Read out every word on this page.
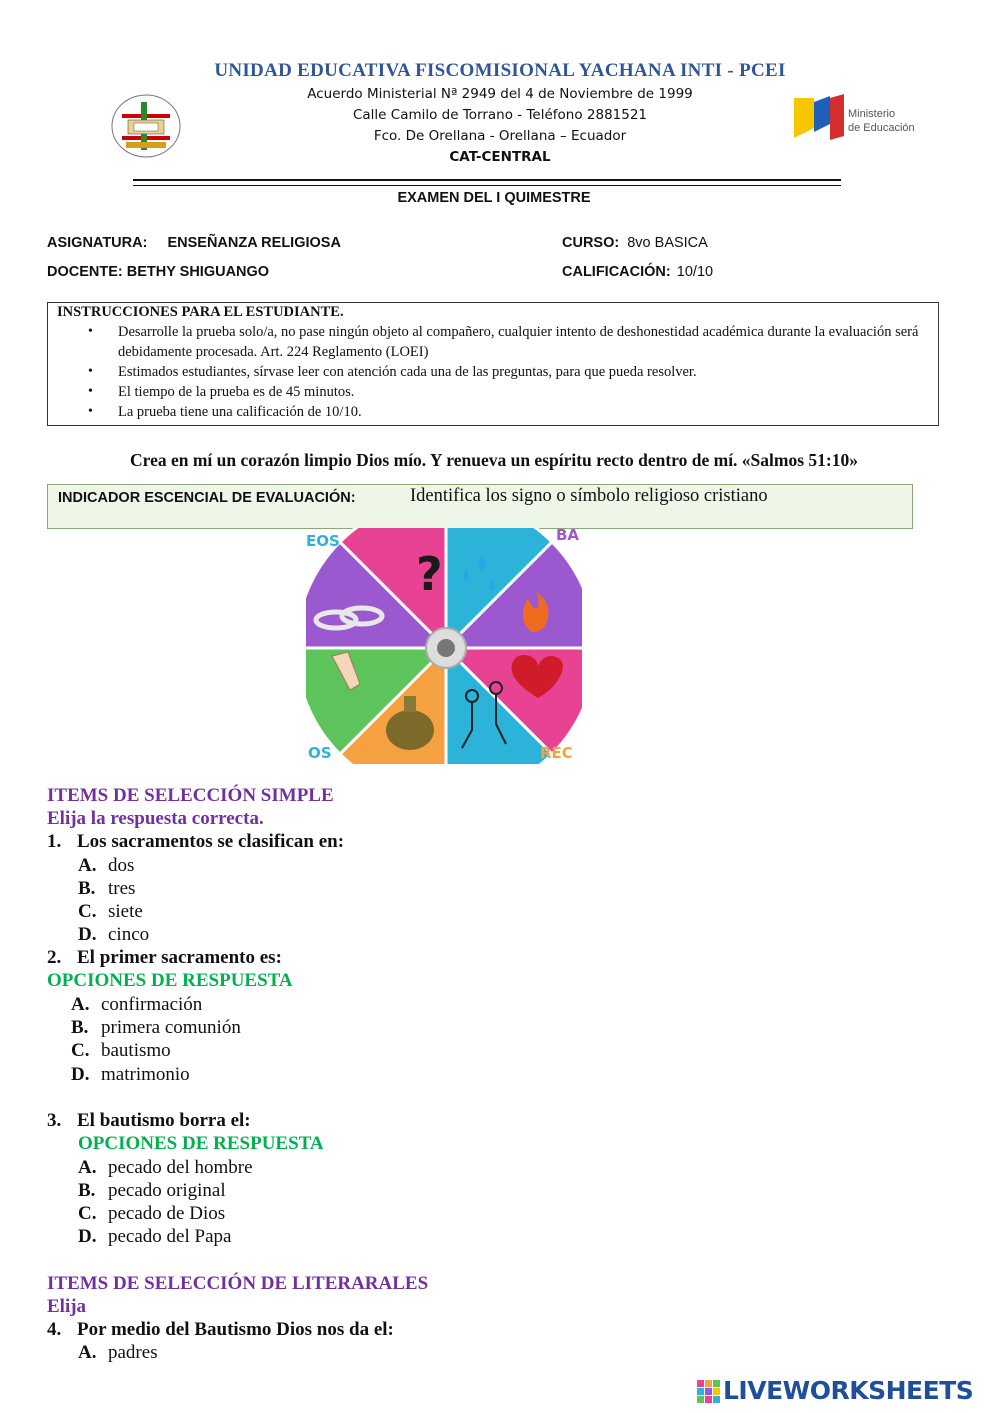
UNIDAD EDUCATIVA FISCOMISIONAL YACHANA INTI - PCEI
Acuerdo Ministerial Nª 2949 del 4 de Noviembre de 1999
Calle Camilo de Torrano - Teléfono 2881521
Fco. De Orellana - Orellana – Ecuador
CAT-CENTRAL
Ministerio
de Educación
EXAMEN DEL I QUIMESTRE
ASIGNATURA: ENSEÑANZA RELIGIOSA	CURSO: 8vo BASICA
DOCENTE: BETHY SHIGUANGO	CALIFICACIÓN: 10/10
INSTRUCCIONES PARA EL ESTUDIANTE.
• Desarrolle la prueba solo/a, no pase ningún objeto al compañero, cualquier intento de deshonestidad académica durante la evaluación será debidamente procesada. Art. 224 Reglamento (LOEI)
• Estimados estudiantes, sírvase leer con atención cada una de las preguntas, para que pueda resolver.
• El tiempo de la prueba es de 45 minutos.
• La prueba tiene una calificación de 10/10.
Crea en mí un corazón limpio Dios mío. Y renueva un espíritu recto dentro de mí. «Salmos 51:10»
INDICADOR ESCENCIAL DE EVALUACIÓN:	Identifica los signo o símbolo religioso cristiano
?
EOS	BA
OS	REC
ITEMS DE SELECCIÓN SIMPLE
Elija la respuesta correcta.
1. Los sacramentos se clasifican en:
A. dos
B. tres
C. siete
D. cinco
2. El primer sacramento es:
OPCIONES DE RESPUESTA
A. confirmación
B. primera comunión
C. bautismo
D. matrimonio
3. El bautismo borra el:
OPCIONES DE RESPUESTA
A. pecado del hombre
B. pecado original
C. pecado de Dios
D. pecado del Papa
ITEMS DE SELECCIÓN DE LITERARALES
Elija
4. Por medio del Bautismo Dios nos da el:
A. padres
LIVEWORKSHEETS
